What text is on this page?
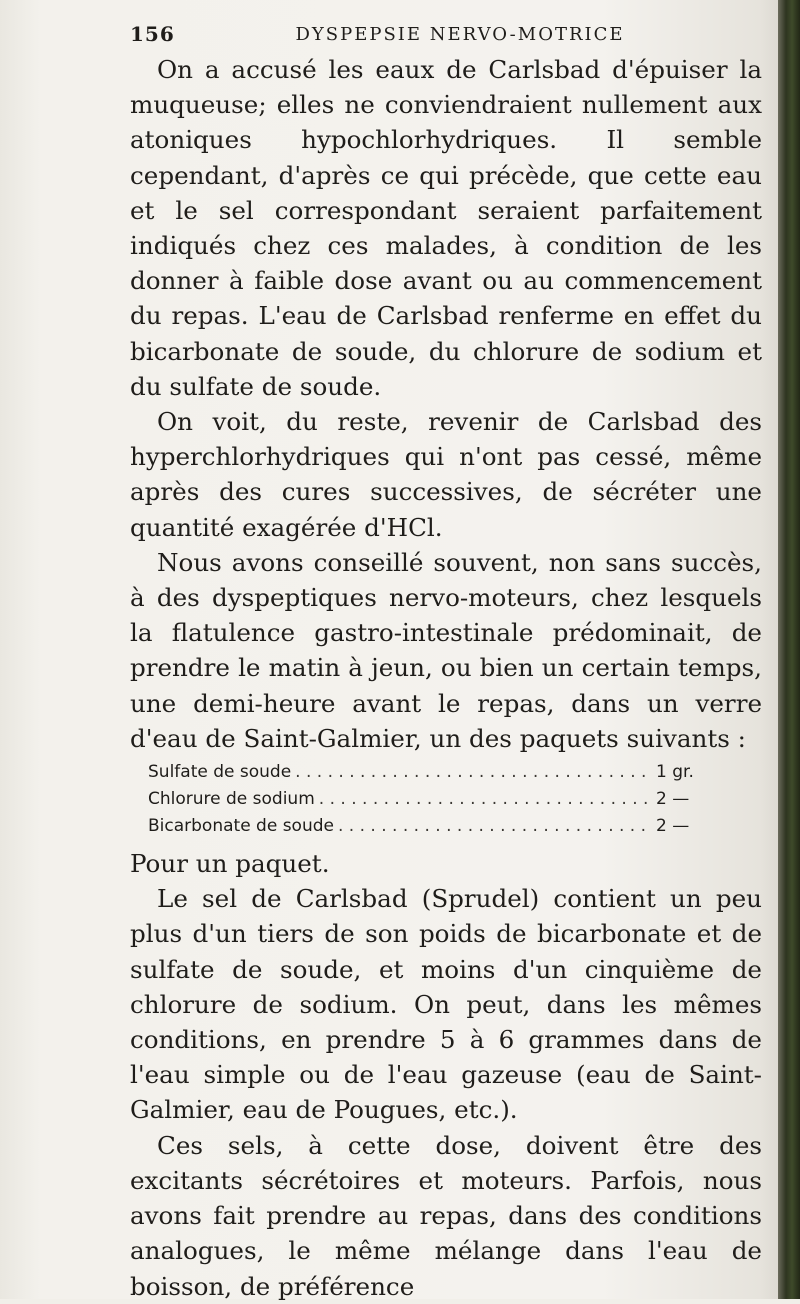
156	DYSPEPSIE NERVO-MOTRICE

On a accusé les eaux de Carlsbad d'épuiser la muqueuse; elles ne conviendraient nullement aux atoniques hypochlorhydriques. Il semble cependant, d'après ce qui précède, que cette eau et le sel correspondant seraient parfaitement indiqués chez ces malades, à condition de les donner à faible dose avant ou au commencement du repas. L'eau de Carlsbad renferme en effet du bicarbonate de soude, du chlorure de sodium et du sulfate de soude.

On voit, du reste, revenir de Carlsbad des hyperchlorhydriques qui n'ont pas cessé, même après des cures successives, de sécréter une quantité exagérée d'HCl.

Nous avons conseillé souvent, non sans succès, à des dyspeptiques nervo-moteurs, chez lesquels la flatulence gastro-intestinale prédominait, de prendre le matin à jeun, ou bien un certain temps, une demi-heure avant le repas, dans un verre d'eau de Saint-Galmier, un des paquets suivants :

Sulfate de soude . . .	1 gr.
Chlorure de sodium . . .	2 —
Bicarbonate de soude . . .	2 —

Pour un paquet.

Le sel de Carlsbad (Sprudel) contient un peu plus d'un tiers de son poids de bicarbonate et de sulfate de soude, et moins d'un cinquième de chlorure de sodium. On peut, dans les mêmes conditions, en prendre 5 à 6 grammes dans de l'eau simple ou de l'eau gazeuse (eau de Saint-Galmier, eau de Pougues, etc.).

Ces sels, à cette dose, doivent être des excitants sécrétoires et moteurs. Parfois, nous avons fait prendre au repas, dans des conditions analogues, le même mélange dans l'eau de boisson, de préférence
